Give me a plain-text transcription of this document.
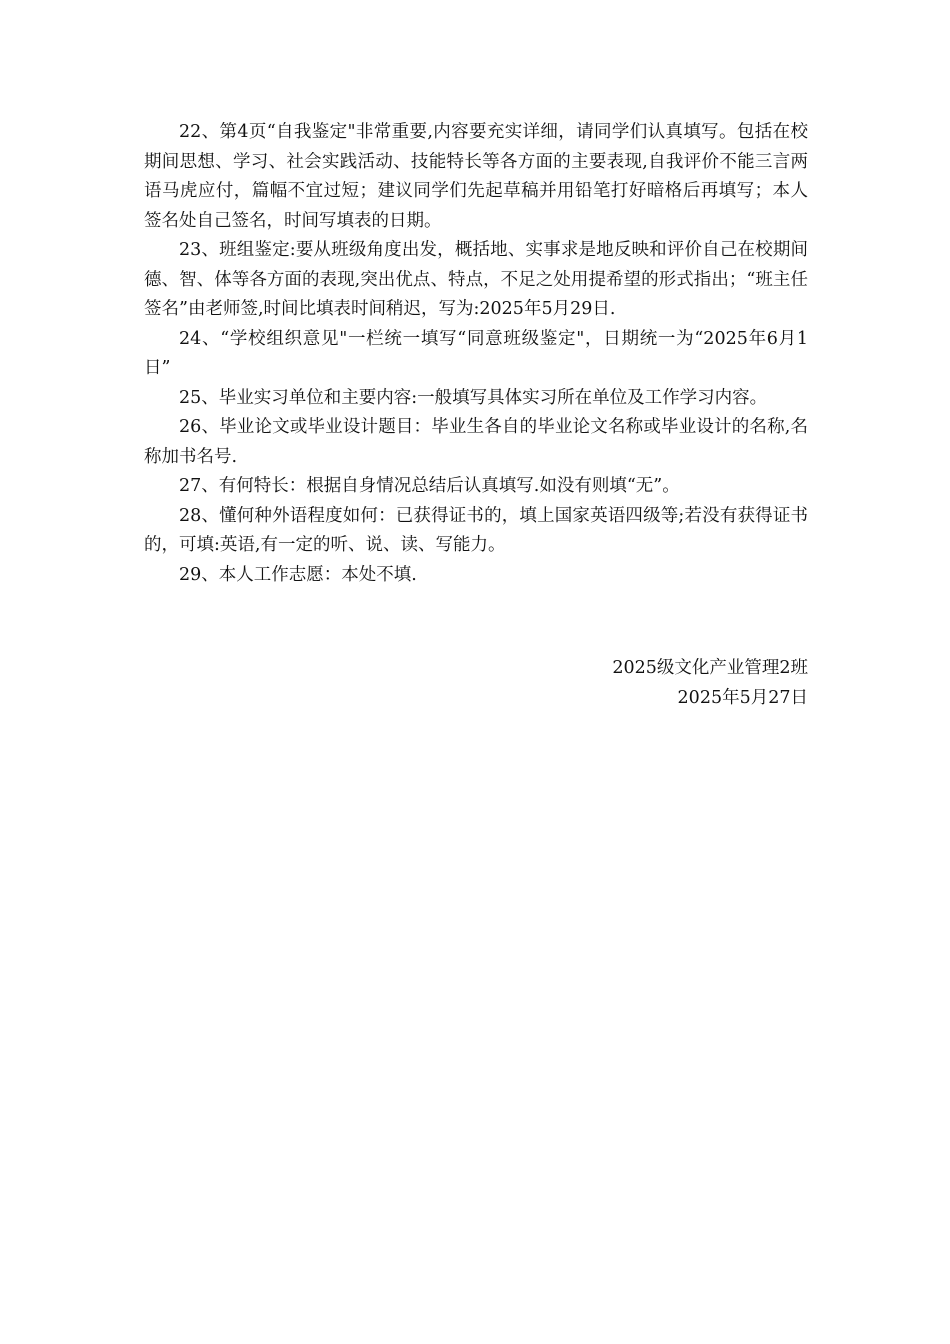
22、第4页“自我鉴定"非常重要,内容要充实详细，请同学们认真填写。包括在校期间思想、学习、社会实践活动、技能特长等各方面的主要表现,自我评价不能三言两语马虎应付，篇幅不宜过短；建议同学们先起草稿并用铅笔打好暗格后再填写；本人签名处自己签名，时间写填表的日期。

23、班组鉴定:要从班级角度出发，概括地、实事求是地反映和评价自己在校期间德、智、体等各方面的表现,突出优点、特点，不足之处用提希望的形式指出；“班主任签名”由老师签,时间比填表时间稍迟，写为:2025年5月29日.

24、“学校组织意见"一栏统一填写“同意班级鉴定"，日期统一为“2025年6月1日”

25、毕业实习单位和主要内容:一般填写具体实习所在单位及工作学习内容。

26、毕业论文或毕业设计题目：毕业生各自的毕业论文名称或毕业设计的名称,名称加书名号.

27、有何特长：根据自身情况总结后认真填写.如没有则填“无”。

28、懂何种外语程度如何：已获得证书的，填上国家英语四级等;若没有获得证书的，可填:英语,有一定的听、说、读、写能力。

29、本人工作志愿：本处不填.

2025级文化产业管理2班
2025年5月27日
